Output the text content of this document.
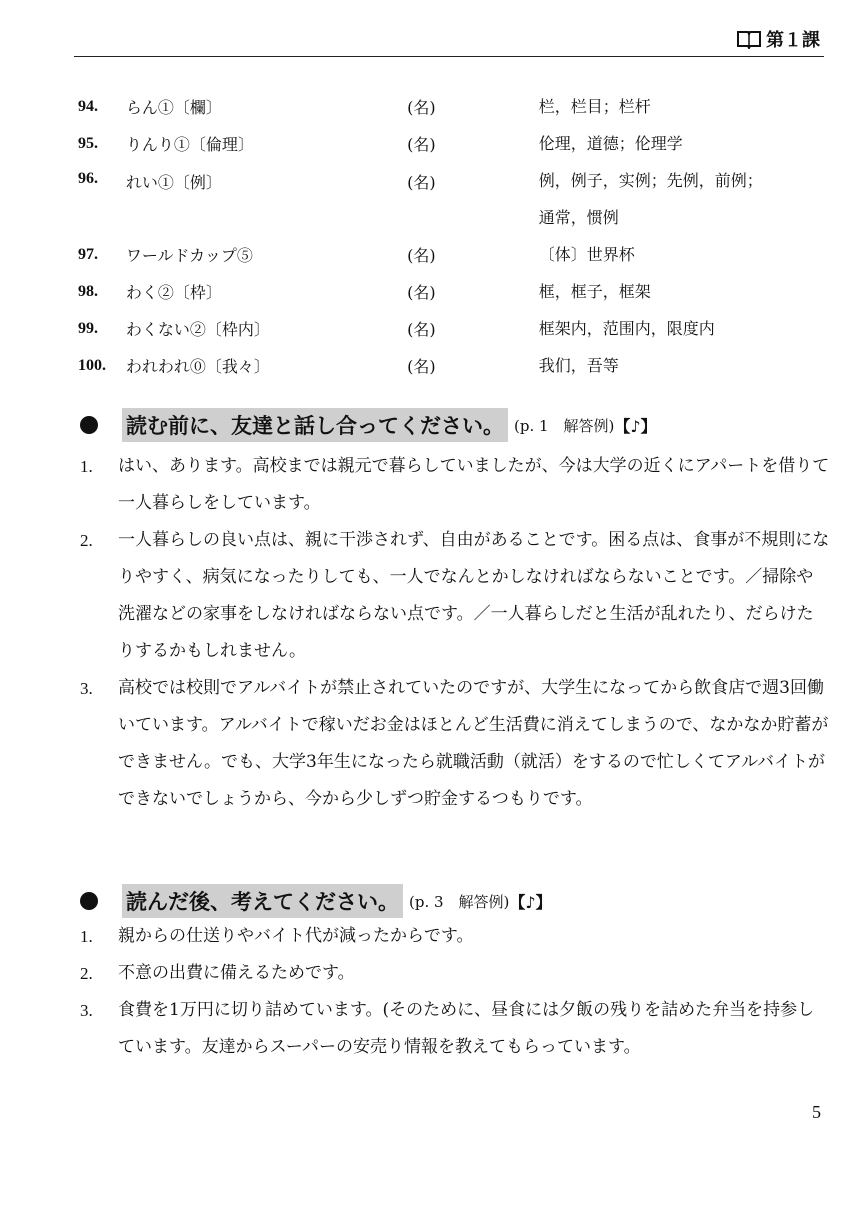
第１課
94.	らん①〔欄〕	(名)	栏，栏目；栏杆
95.	りんり①〔倫理〕	(名)	伦理，道德；伦理学
96.	れい①〔例〕	(名)	例，例子，实例；先例，前例；
通常，惯例
97.	ワールドカップ⑤	(名)	〔体〕世界杯
98.	わく②〔枠〕	(名)	框，框子，框架
99.	わくない②〔枠内〕	(名)	框架内，范围内，限度内
100.	われわれ⓪〔我々〕	(名)	我们，吾等
読む前に、友達と話し合ってください。 (p. 1　解答例) 【♪】
1.	はい、あります。高校までは親元で暮らしていましたが、今は大学の近くにアパートを借りて一人暮らしをしています。
2.	一人暮らしの良い点は、親に干渉されず、自由があることです。困る点は、食事が不規則になりやすく、病気になったりしても、一人でなんとかしなければならないことです。／掃除や洗濯などの家事をしなければならない点です。／一人暮らしだと生活が乱れたり、だらけたりするかもしれません。
3.	高校では校則でアルバイトが禁止されていたのですが、大学生になってから飲食店で週3回働いています。アルバイトで稼いだお金はほとんど生活費に消えてしまうので、なかなか貯蓄ができません。でも、大学3年生になったら就職活動（就活）をするので忙しくてアルバイトができないでしょうから、今から少しずつ貯金するつもりです。
読んだ後、考えてください。 (p. 3　解答例) 【♪】
1.	親からの仕送りやバイト代が減ったからです。
2.	不意の出費に備えるためです。
3.	食費を1万円に切り詰めています。(そのために、昼食には夕飯の残りを詰めた弁当を持参しています。友達からスーパーの安売り情報を教えてもらっています。
5
